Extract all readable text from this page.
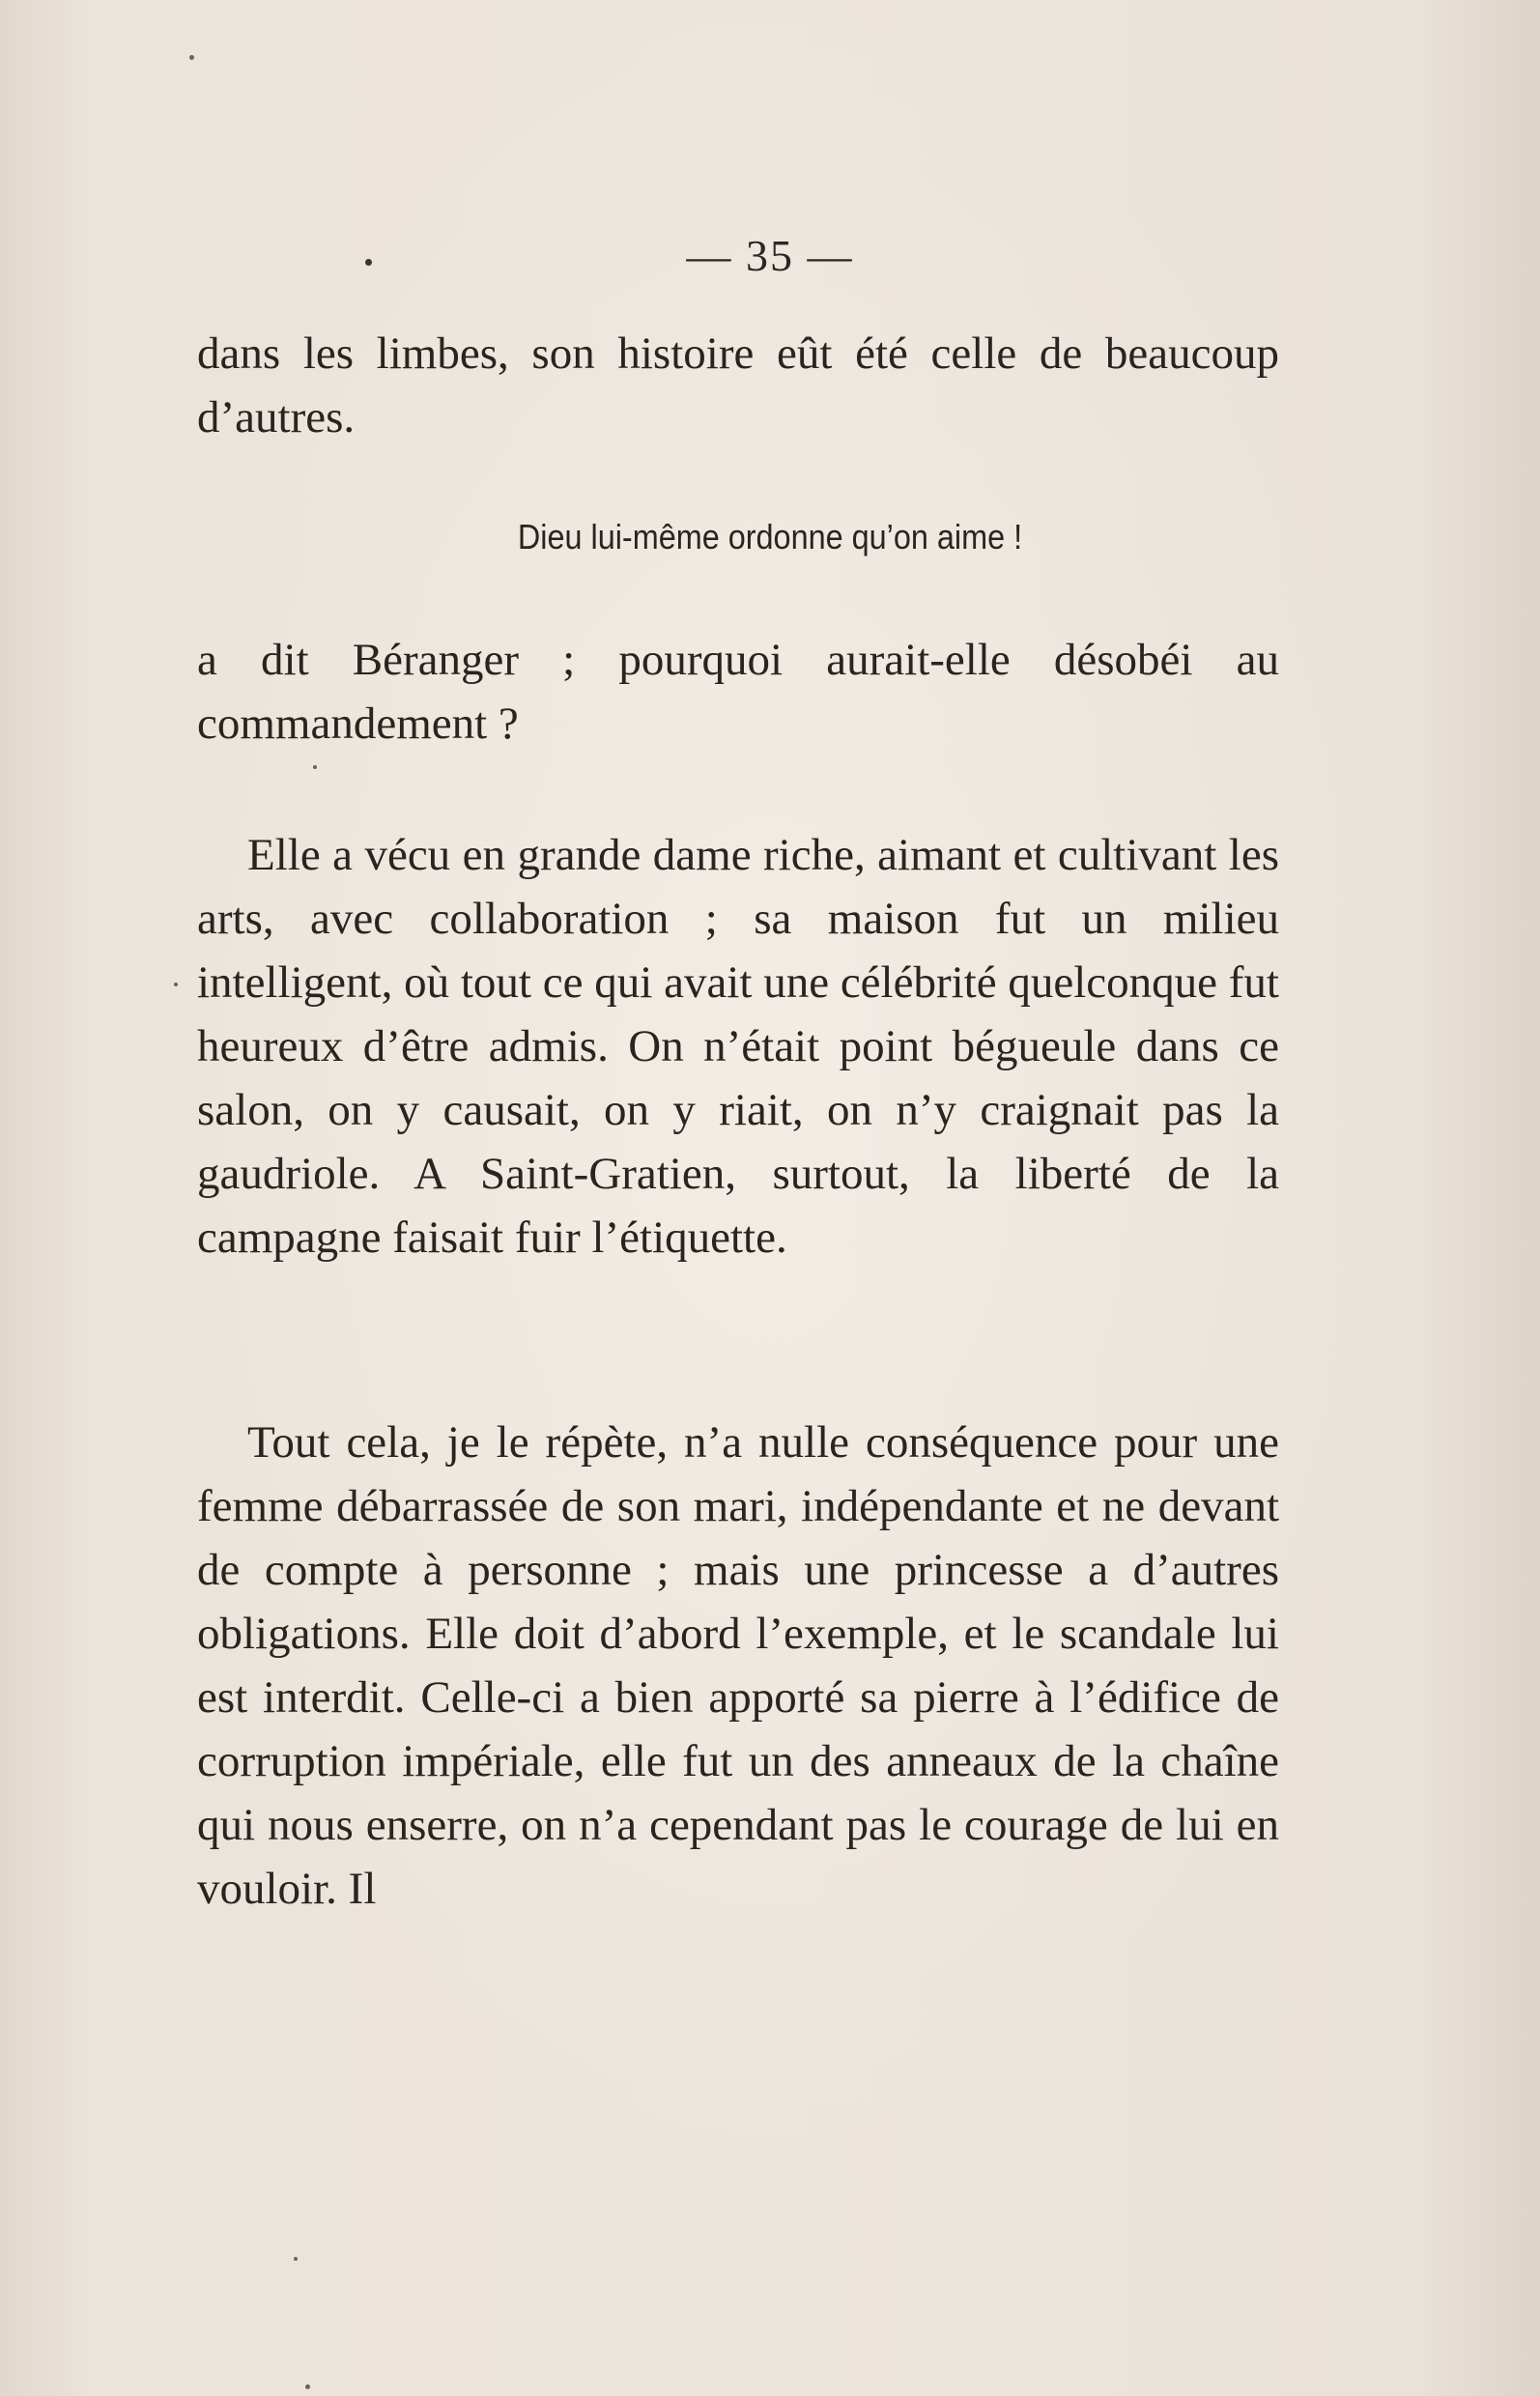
— 35 —
dans les limbes, son histoire eût été celle de beaucoup d’autres.
Dieu lui-même ordonne qu’on aime !
a dit Béranger ; pourquoi aurait-elle désobéi au commandement ?
Elle a vécu en grande dame riche, aimant et cultivant les arts, avec collaboration ; sa maison fut un milieu intelligent, où tout ce qui avait une célébrité quelconque fut heureux d’être admis. On n’était point bégueule dans ce salon, on y causait, on y riait, on n’y craignait pas la gaudriole. A Saint-Gratien, surtout, la liberté de la campagne faisait fuir l’étiquette.
Tout cela, je le répète, n’a nulle conséquence pour une femme débarrassée de son mari, indépendante et ne devant de compte à personne ; mais une princesse a d’autres obligations. Elle doit d’abord l’exemple, et le scandale lui est interdit. Celle-ci a bien apporté sa pierre à l’édifice de corruption impériale, elle fut un des anneaux de la chaîne qui nous enserre, on n’a cependant pas le courage de lui en vouloir. Il
